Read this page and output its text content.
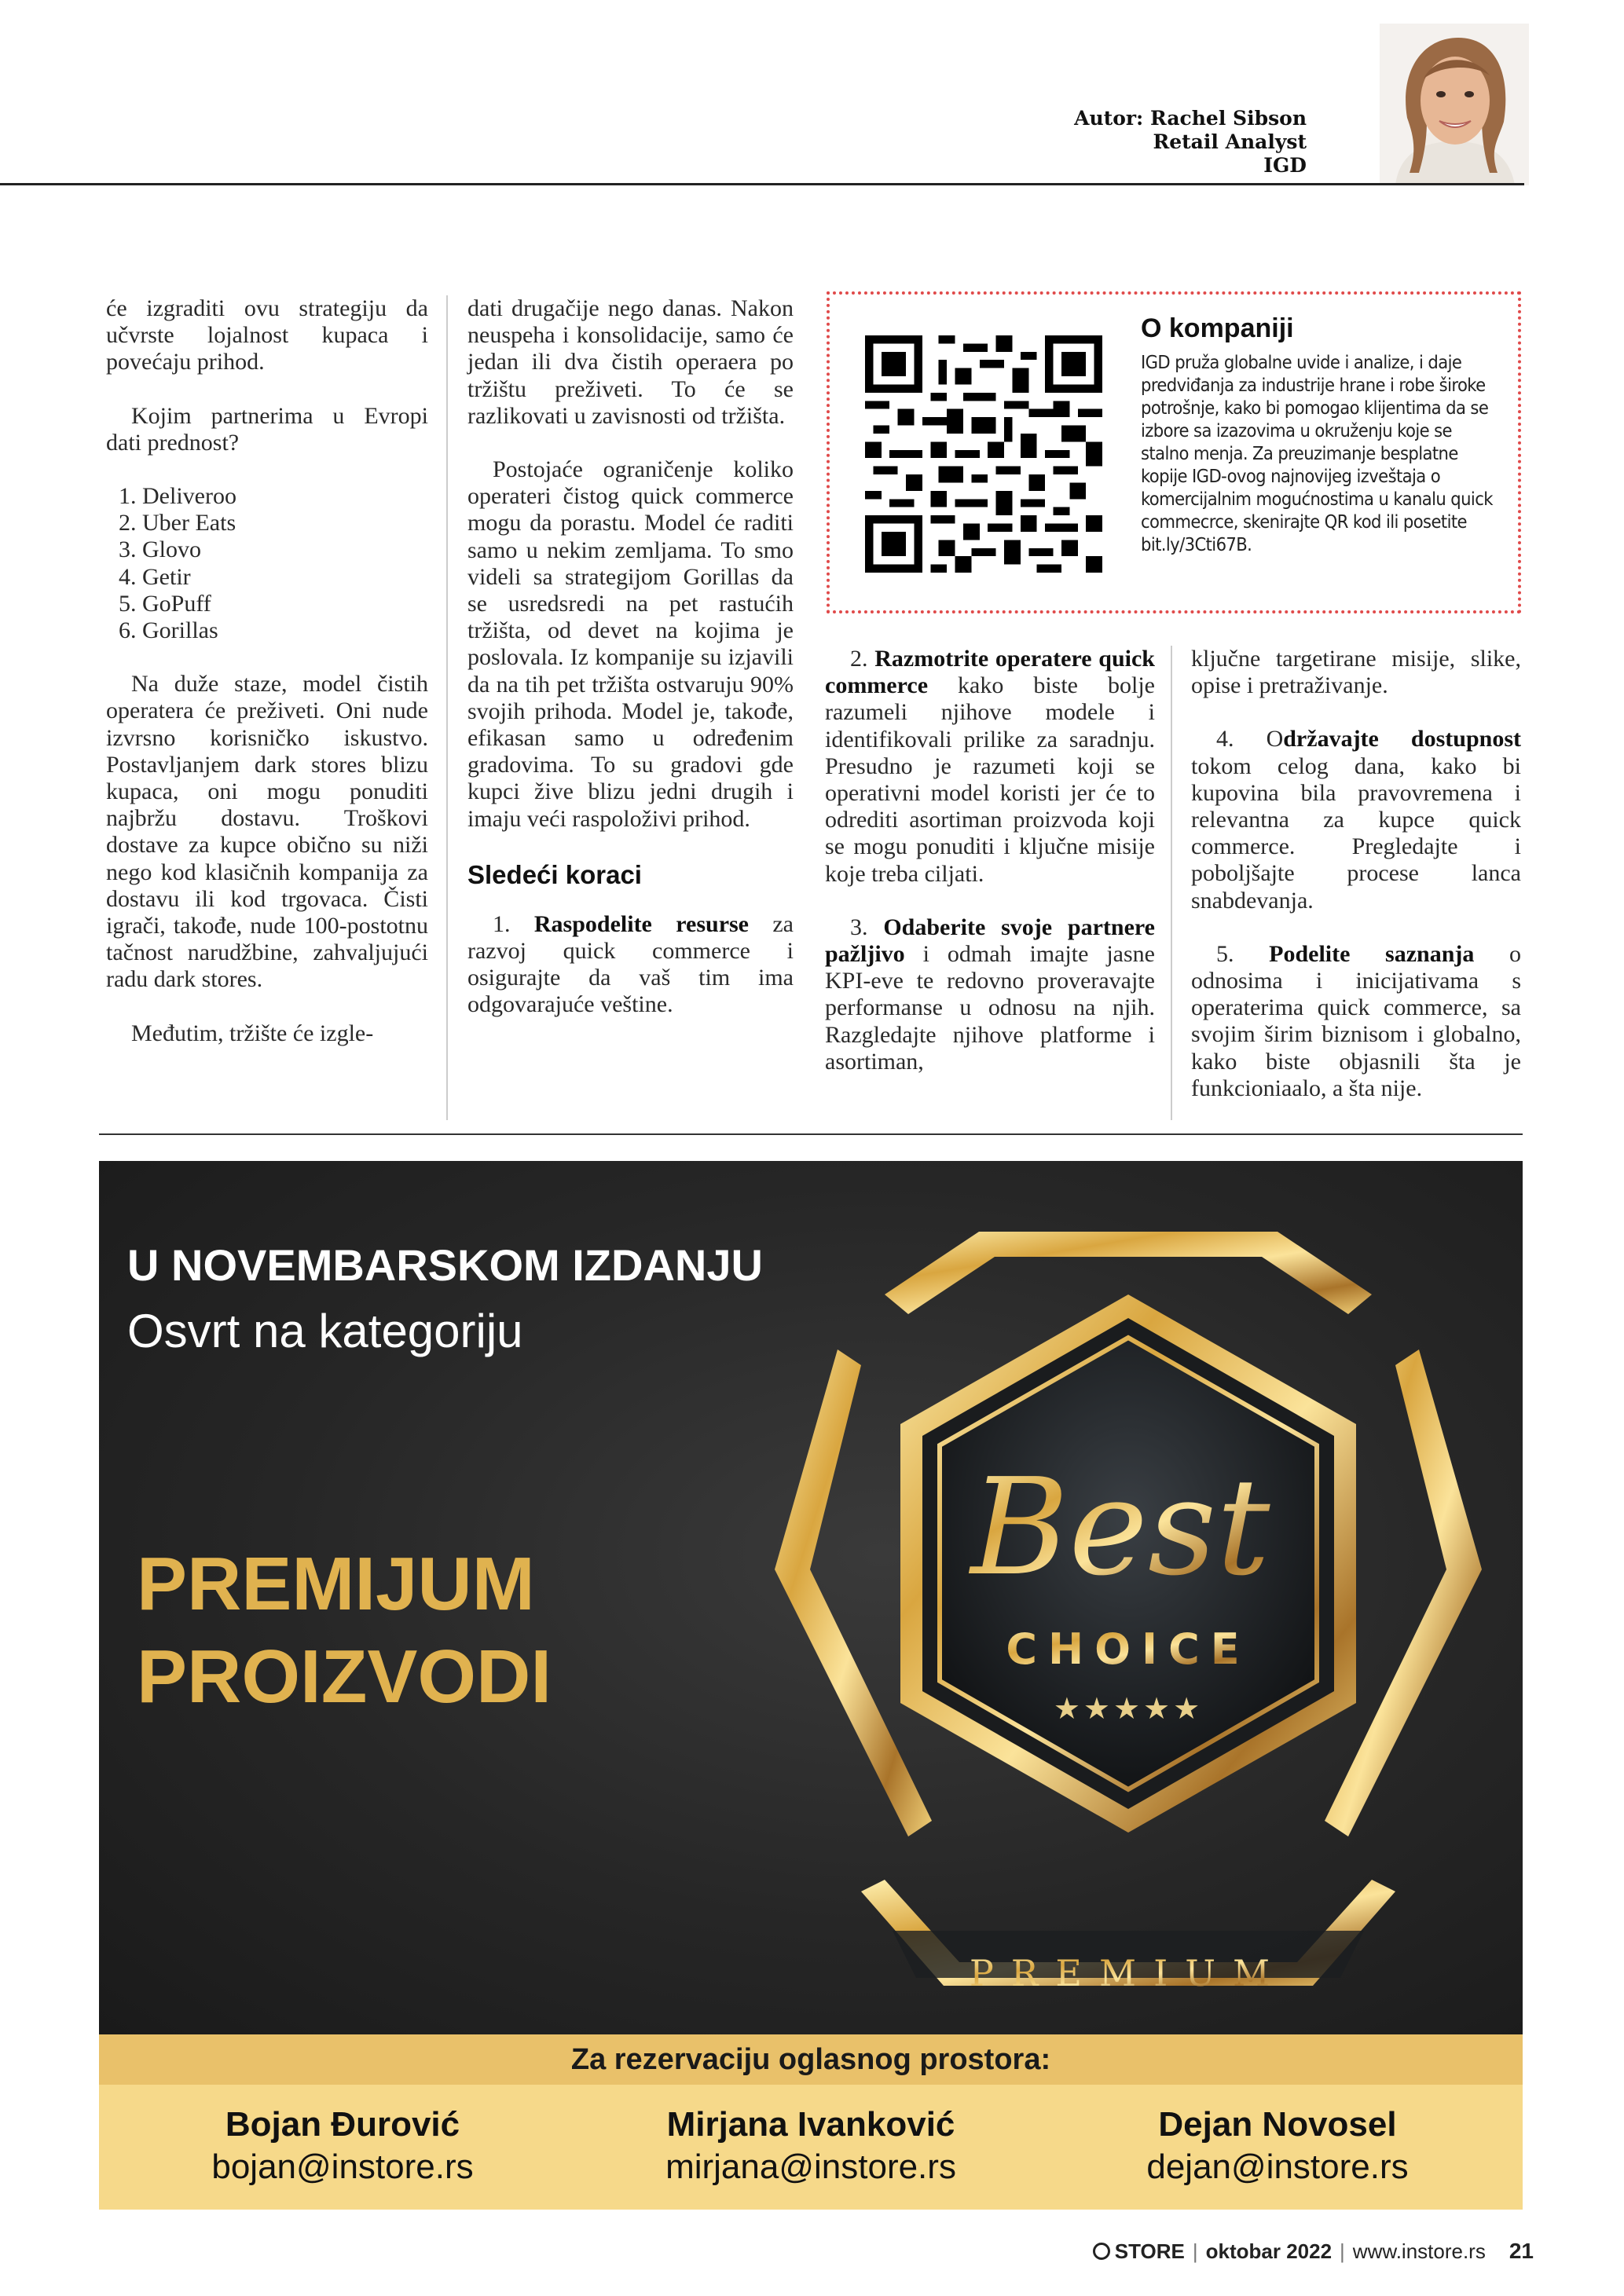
Autor: Rachel Sibson
Retail Analyst
IGD

će izgraditi ovu strategiju da učvrste lojalnost kupaca i povećaju prihod.

Kojim partnerima u Evropi dati prednost?

1. Deliveroo
2. Uber Eats
3. Glovo
4. Getir
5. GoPuff
6. Gorillas

Na duže staze, model čistih operatera će preživeti. Oni nude izvrsno korisničko iskustvo. Postavljanjem dark stores blizu kupaca, oni mogu ponuditi najbržu dostavu. Troškovi dostave za kupce obično su niži nego kod klasičnih kompanija za dostavu ili kod trgovaca. Čisti igrači, takođe, nude 100-postotnu tačnost narudžbine, zahvaljujući radu dark stores.

Međutim, tržište će izgle-

dati drugačije nego danas. Nakon neuspeha i konsolidacije, samo će jedan ili dva čistih operaera po tržištu preživeti. To će se razlikovati u zavisnosti od tržišta.

Postojaće ograničenje koliko operateri čistog quick commerce mogu da porastu. Model će raditi samo u nekim zemljama. To smo videli sa strategijom Gorillas da se usredsredi na pet rastućih tržišta, od devet na kojima je poslovala. Iz kompanije su izjavili da na tih pet tržišta ostvaruju 90% svojih prihoda. Model je, takođe, efikasan samo u određenim gradovima. To su gradovi gde kupci žive blizu jedni drugih i imaju veći raspoloživi prihod.

Sledeći koraci

1. Raspodelite resurse za razvoj quick commerce i osigurajte da vaš tim ima odgovarajuće veštine.

O kompaniji
IGD pruža globalne uvide i analize, i daje predviđanja za industrije hrane i robe široke potrošnje, kako bi pomogao klijentima da se izbore sa izazovima u okruženju koje se stalno menja. Za preuzimanje besplatne kopije IGD-ovog najnovijeg izveštaja o komercijalnim mogućnostima u kanalu quick commecrce, skenirajte QR kod ili posetite bit.ly/3Cti67B.

2. Razmotrite operatere quick commerce kako biste bolje razumeli njihove modele i identifikovali prilike za saradnju. Presudno je razumeti koji se operativni model koristi jer će to odrediti asortiman proizvoda koji se mogu ponuditi i ključne misije koje treba ciljati.

3. Odaberite svoje partnere pažljivo i odmah imajte jasne KPI-eve te redovno proveravajte performanse u odnosu na njih. Razgledajte njihove platforme i asortiman,

ključne targetirane misije, slike, opise i pretraživanje.

4. Održavajte dostupnost tokom celog dana, kako bi kupovina bila pravovremena i relevantna za kupce quick commerce. Pregledajte i poboljšajte procese lanca snabdevanja.

5. Podelite saznanja o odnosima i inicijativama s operaterima quick commerce, sa svojim širim biznisom i globalno, kako biste objasnili šta je funkcioniaalo, a šta nije.

U NOVEMBARSKOM IZDANJU
Osvrt na kategoriju
PREMIJUM
PROIZVODI
Best
CHOICE
★★★★★
PREMIUM
Za rezervaciju oglasnog prostora:
Bojan Đurović
bojan@instore.rs
Mirjana Ivanković
mirjana@instore.rs
Dejan Novosel
dejan@instore.rs
STORE | oktobar 2022 | www.instore.rs 21
